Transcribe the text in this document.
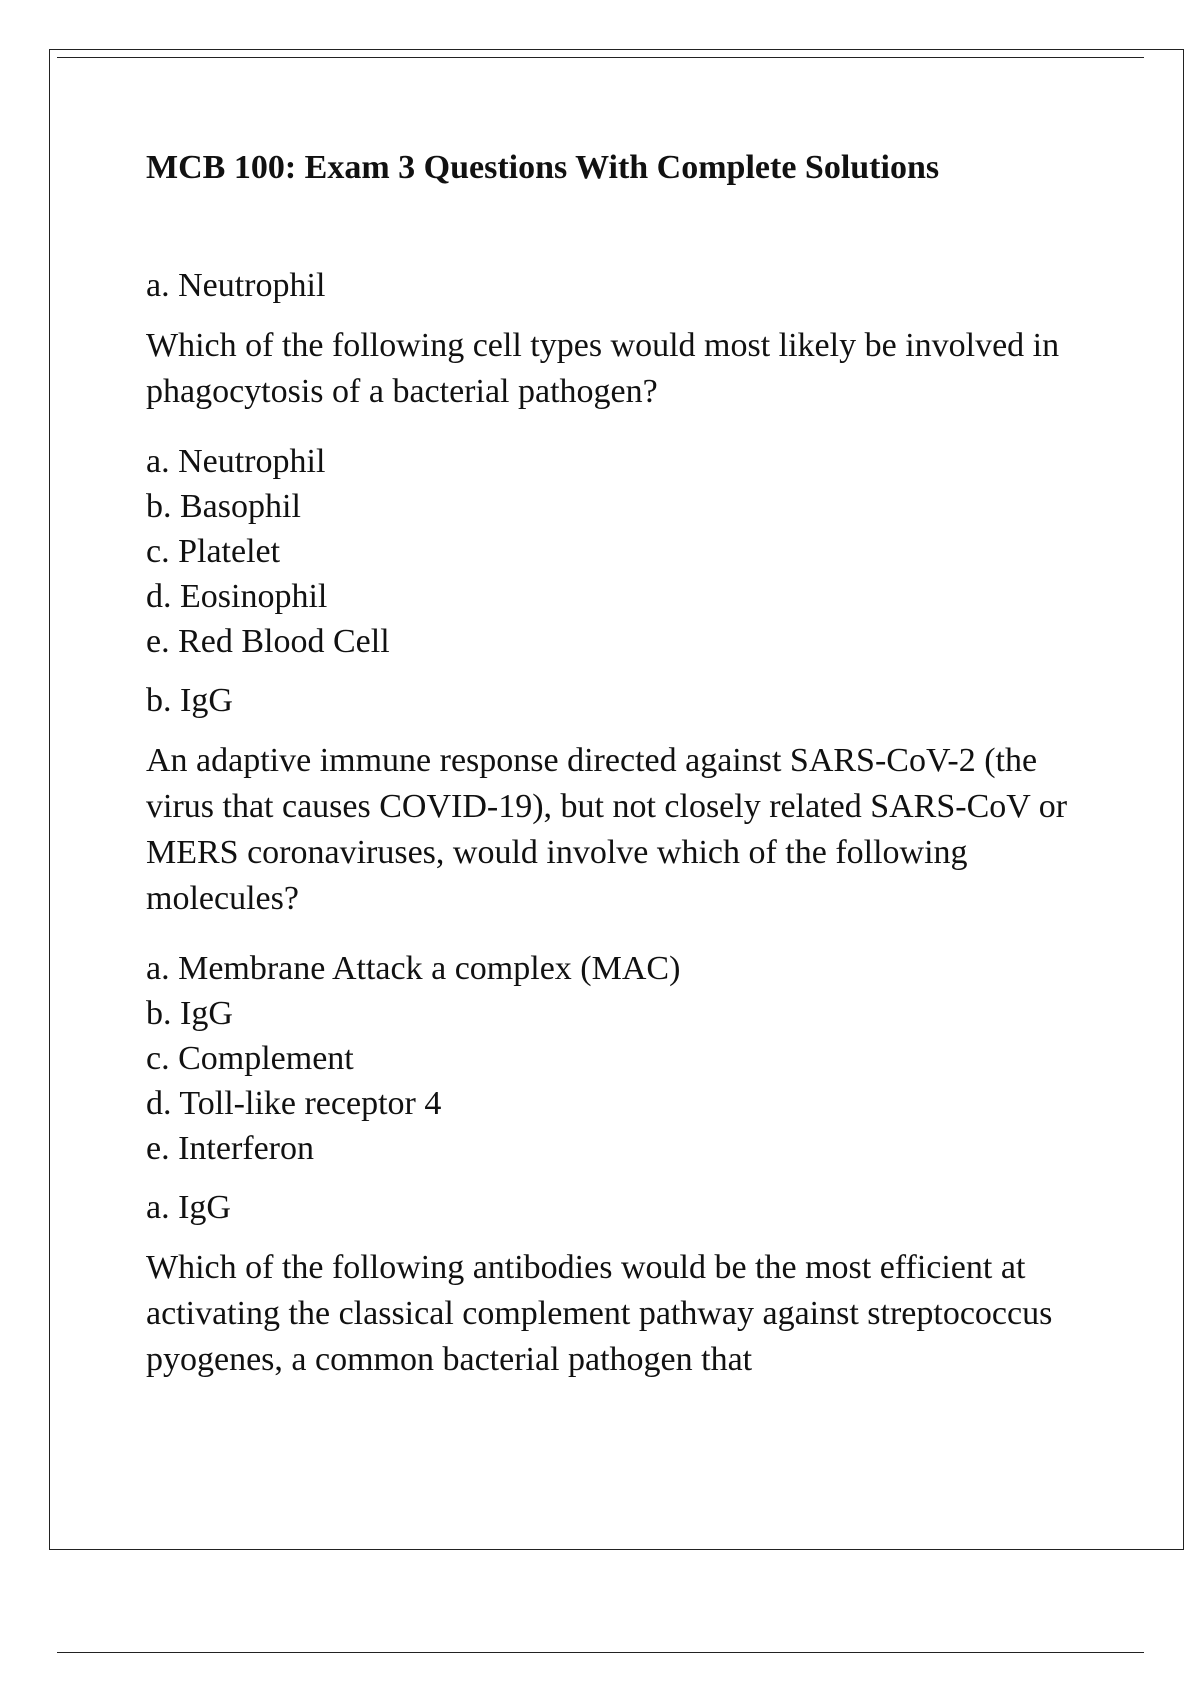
MCB 100: Exam 3 Questions With Complete Solutions

a. Neutrophil

Which of the following cell types would most likely be involved in phagocytosis of a bacterial pathogen?

a. Neutrophil
b. Basophil
c. Platelet
d. Eosinophil
e. Red Blood Cell

b. IgG

An adaptive immune response directed against SARS-CoV-2 (the virus that causes COVID-19), but not closely related SARS-CoV or MERS coronaviruses, would involve which of the following molecules?

a. Membrane Attack a complex (MAC)
b. IgG
c. Complement
d. Toll-like receptor 4
e. Interferon

a. IgG

Which of the following antibodies would be the most efficient at activating the classical complement pathway against streptococcus pyogenes, a common bacterial pathogen that
